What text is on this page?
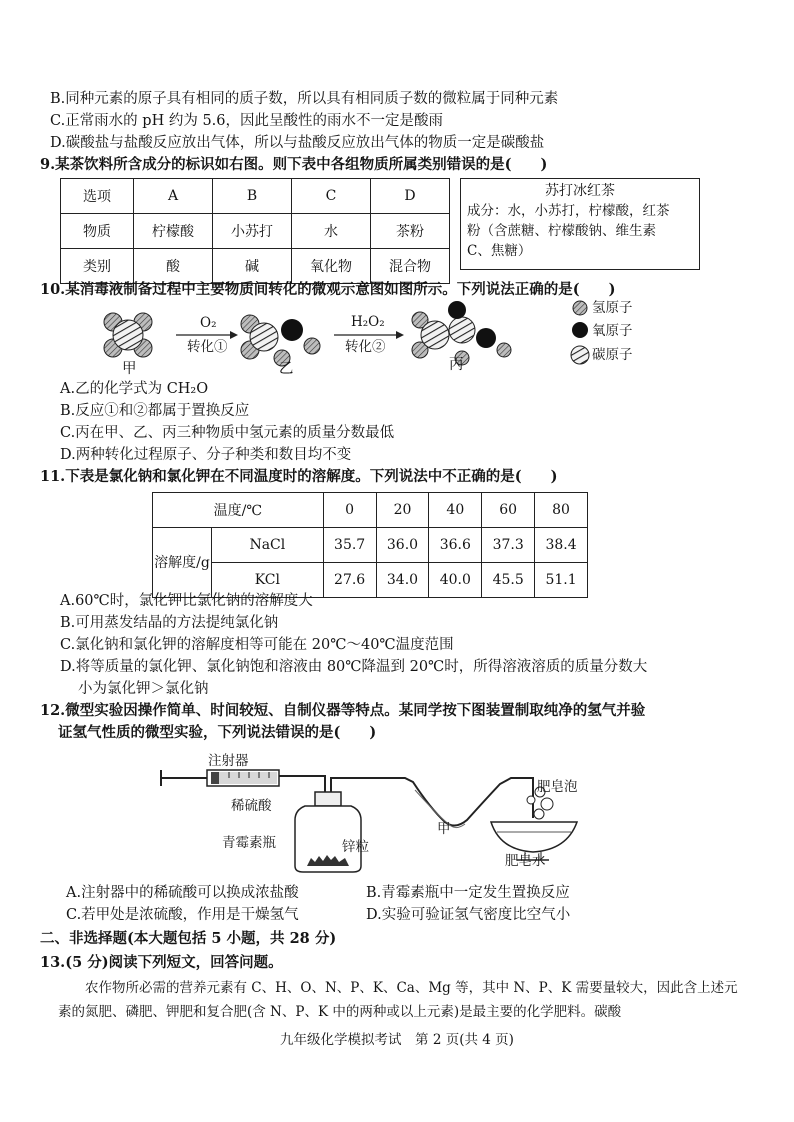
B.同种元素的原子具有相同的质子数，所以具有相同质子数的微粒属于同种元素
C.正常雨水的 pH 约为 5.6，因此呈酸性的雨水不一定是酸雨
D.碳酸盐与盐酸反应放出气体，所以与盐酸反应放出气体的物质一定是碳酸盐
9.某茶饮料所含成分的标识如右图。则下表中各组物质所属类别错误的是(　　)
选项	A	B	C	D
物质	柠檬酸	小苏打	水	茶粉
类别	酸	碱	氧化物	混合物
苏打冰红茶
成分：水，小苏打，柠檬酸，红茶
粉（含蔗糖、柠檬酸钠、维生素
C、焦糖）
10.某消毒液制备过程中主要物质间转化的微观示意图如图所示。下列说法正确的是(　　)
O₂
转化①
H₂O₂
转化②
甲	乙	丙
氢原子
氧原子
碳原子
A.乙的化学式为 CH₂O
B.反应①和②都属于置换反应
C.丙在甲、乙、丙三种物质中氢元素的质量分数最低
D.两种转化过程原子、分子种类和数目均不变
11.下表是氯化钠和氯化钾在不同温度时的溶解度。下列说法中不正确的是(　　)
温度/℃		0	20	40	60	80
溶解度/g	NaCl	35.7	36.0	36.6	37.3	38.4
	KCl	27.6	34.0	40.0	45.5	51.1
A.60℃时，氯化钾比氯化钠的溶解度大
B.可用蒸发结晶的方法提纯氯化钠
C.氯化钠和氯化钾的溶解度相等可能在 20℃～40℃温度范围
D.将等质量的氯化钾、氯化钠饱和溶液由 80℃降温到 20℃时，所得溶液溶质的质量分数大
小为氯化钾＞氯化钠
12.微型实验因操作简单、时间较短、自制仪器等特点。某同学按下图装置制取纯净的氢气并验
证氢气性质的微型实验，下列说法错误的是(　　)
注射器
稀硫酸
青霉素瓶	锌粒
甲
肥皂泡
肥皂水
A.注射器中的稀硫酸可以换成浓盐酸	B.青霉素瓶中一定发生置换反应
C.若甲处是浓硫酸，作用是干燥氢气	D.实验可验证氢气密度比空气小
二、非选择题(本大题包括 5 小题，共 28 分)
13.(5 分)阅读下列短文，回答问题。
农作物所必需的营养元素有 C、H、O、N、P、K、Ca、Mg 等，其中 N、P、K 需要量较大，因此含上述元素的氮肥、磷肥、钾肥和复合肥(含 N、P、K 中的两种或以上元素)是最主要的化学肥料。碳酸
九年级化学模拟考试　第 2 页(共 4 页)
